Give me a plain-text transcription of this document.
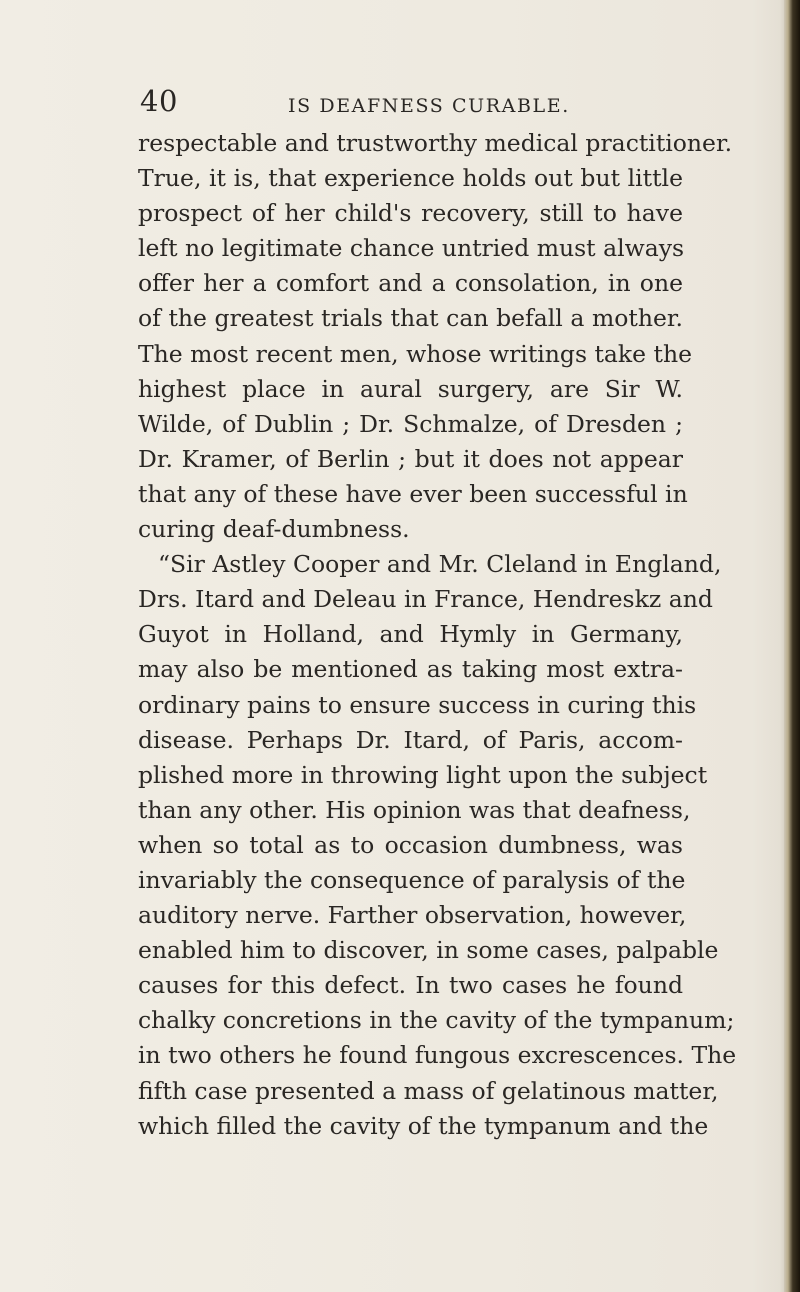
40	IS DEAFNESS CURABLE.
respectable and trustworthy medical practitioner.
True, it is, that experience holds out but little
prospect of her child's recovery, still to have
left no legitimate chance untried must always
offer her a comfort and a consolation, in one
of the greatest trials that can befall a mother.
The most recent men, whose writings take the
highest place in aural surgery, are Sir W.
Wilde, of Dublin ; Dr. Schmalze, of Dresden ;
Dr. Kramer, of Berlin ; but it does not appear
that any of these have ever been successful in
curing deaf-dumbness.
“Sir Astley Cooper and Mr. Cleland in England,
Drs. Itard and Deleau in France, Hendreskz and
Guyot in Holland, and Hymly in Germany,
may also be mentioned as taking most extra-
ordinary pains to ensure success in curing this
disease. Perhaps Dr. Itard, of Paris, accom-
plished more in throwing light upon the subject
than any other. His opinion was that deafness,
when so total as to occasion dumbness, was
invariably the consequence of paralysis of the
auditory nerve. Farther observation, however,
enabled him to discover, in some cases, palpable
causes for this defect. In two cases he found
chalky concretions in the cavity of the tympanum;
in two others he found fungous excrescences. The
fifth case presented a mass of gelatinous matter,
which filled the cavity of the tympanum and the
